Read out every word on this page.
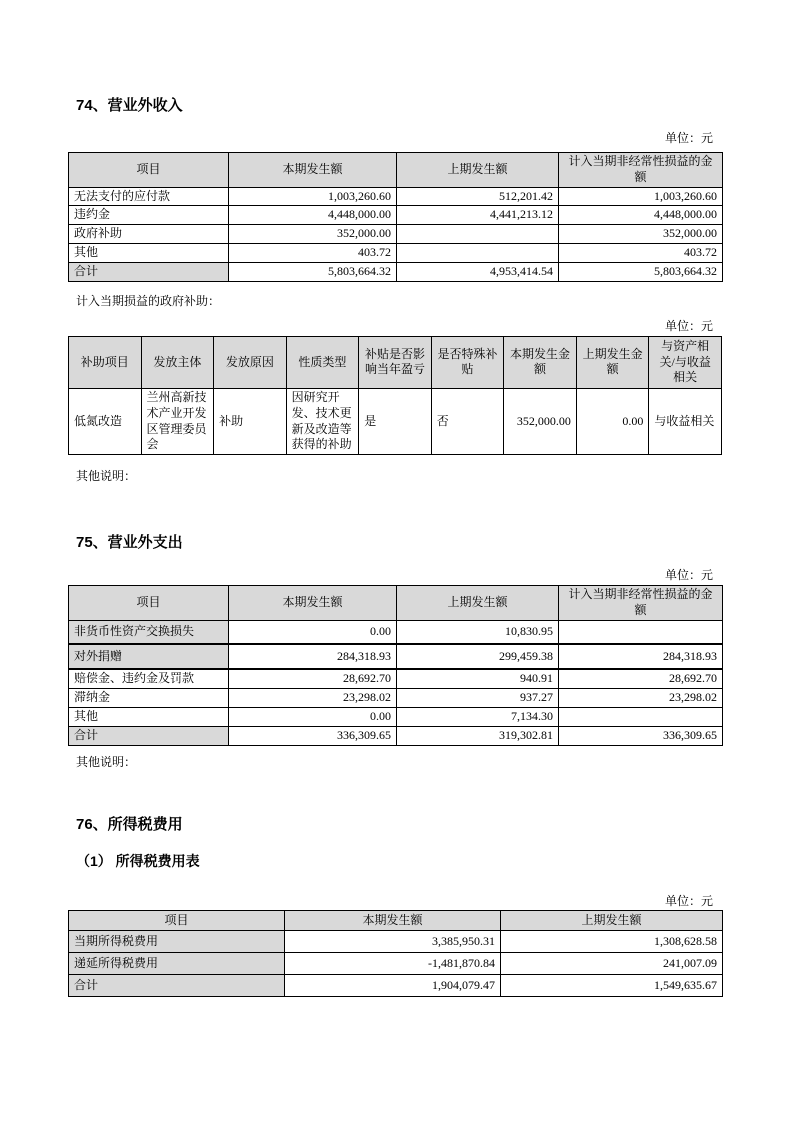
74、营业外收入
单位：元
项目	本期发生额	上期发生额	计入当期非经常性损益的金额
无法支付的应付款	1,003,260.60	512,201.42	1,003,260.60
违约金	4,448,000.00	4,441,213.12	4,448,000.00
政府补助	352,000.00		352,000.00
其他	403.72		403.72
合计	5,803,664.32	4,953,414.54	5,803,664.32
计入当期损益的政府补助：
单位：元
补助项目	发放主体	发放原因	性质类型	补贴是否影响当年盈亏	是否特殊补贴	本期发生金额	上期发生金额	与资产相关/与收益相关
低氮改造	兰州高新技术产业开发区管理委员会	补助	因研究开发、技术更新及改造等获得的补助	是	否	352,000.00	0.00	与收益相关
其他说明：
75、营业外支出
单位：元
项目	本期发生额	上期发生额	计入当期非经常性损益的金额
非货币性资产交换损失	0.00	10,830.95	
对外捐赠	284,318.93	299,459.38	284,318.93
赔偿金、违约金及罚款	28,692.70	940.91	28,692.70
滞纳金	23,298.02	937.27	23,298.02
其他	0.00	7,134.30	
合计	336,309.65	319,302.81	336,309.65
其他说明：
76、所得税费用
（1） 所得税费用表
单位：元
项目	本期发生额	上期发生额
当期所得税费用	3,385,950.31	1,308,628.58
递延所得税费用	-1,481,870.84	241,007.09
合计	1,904,079.47	1,549,635.67
